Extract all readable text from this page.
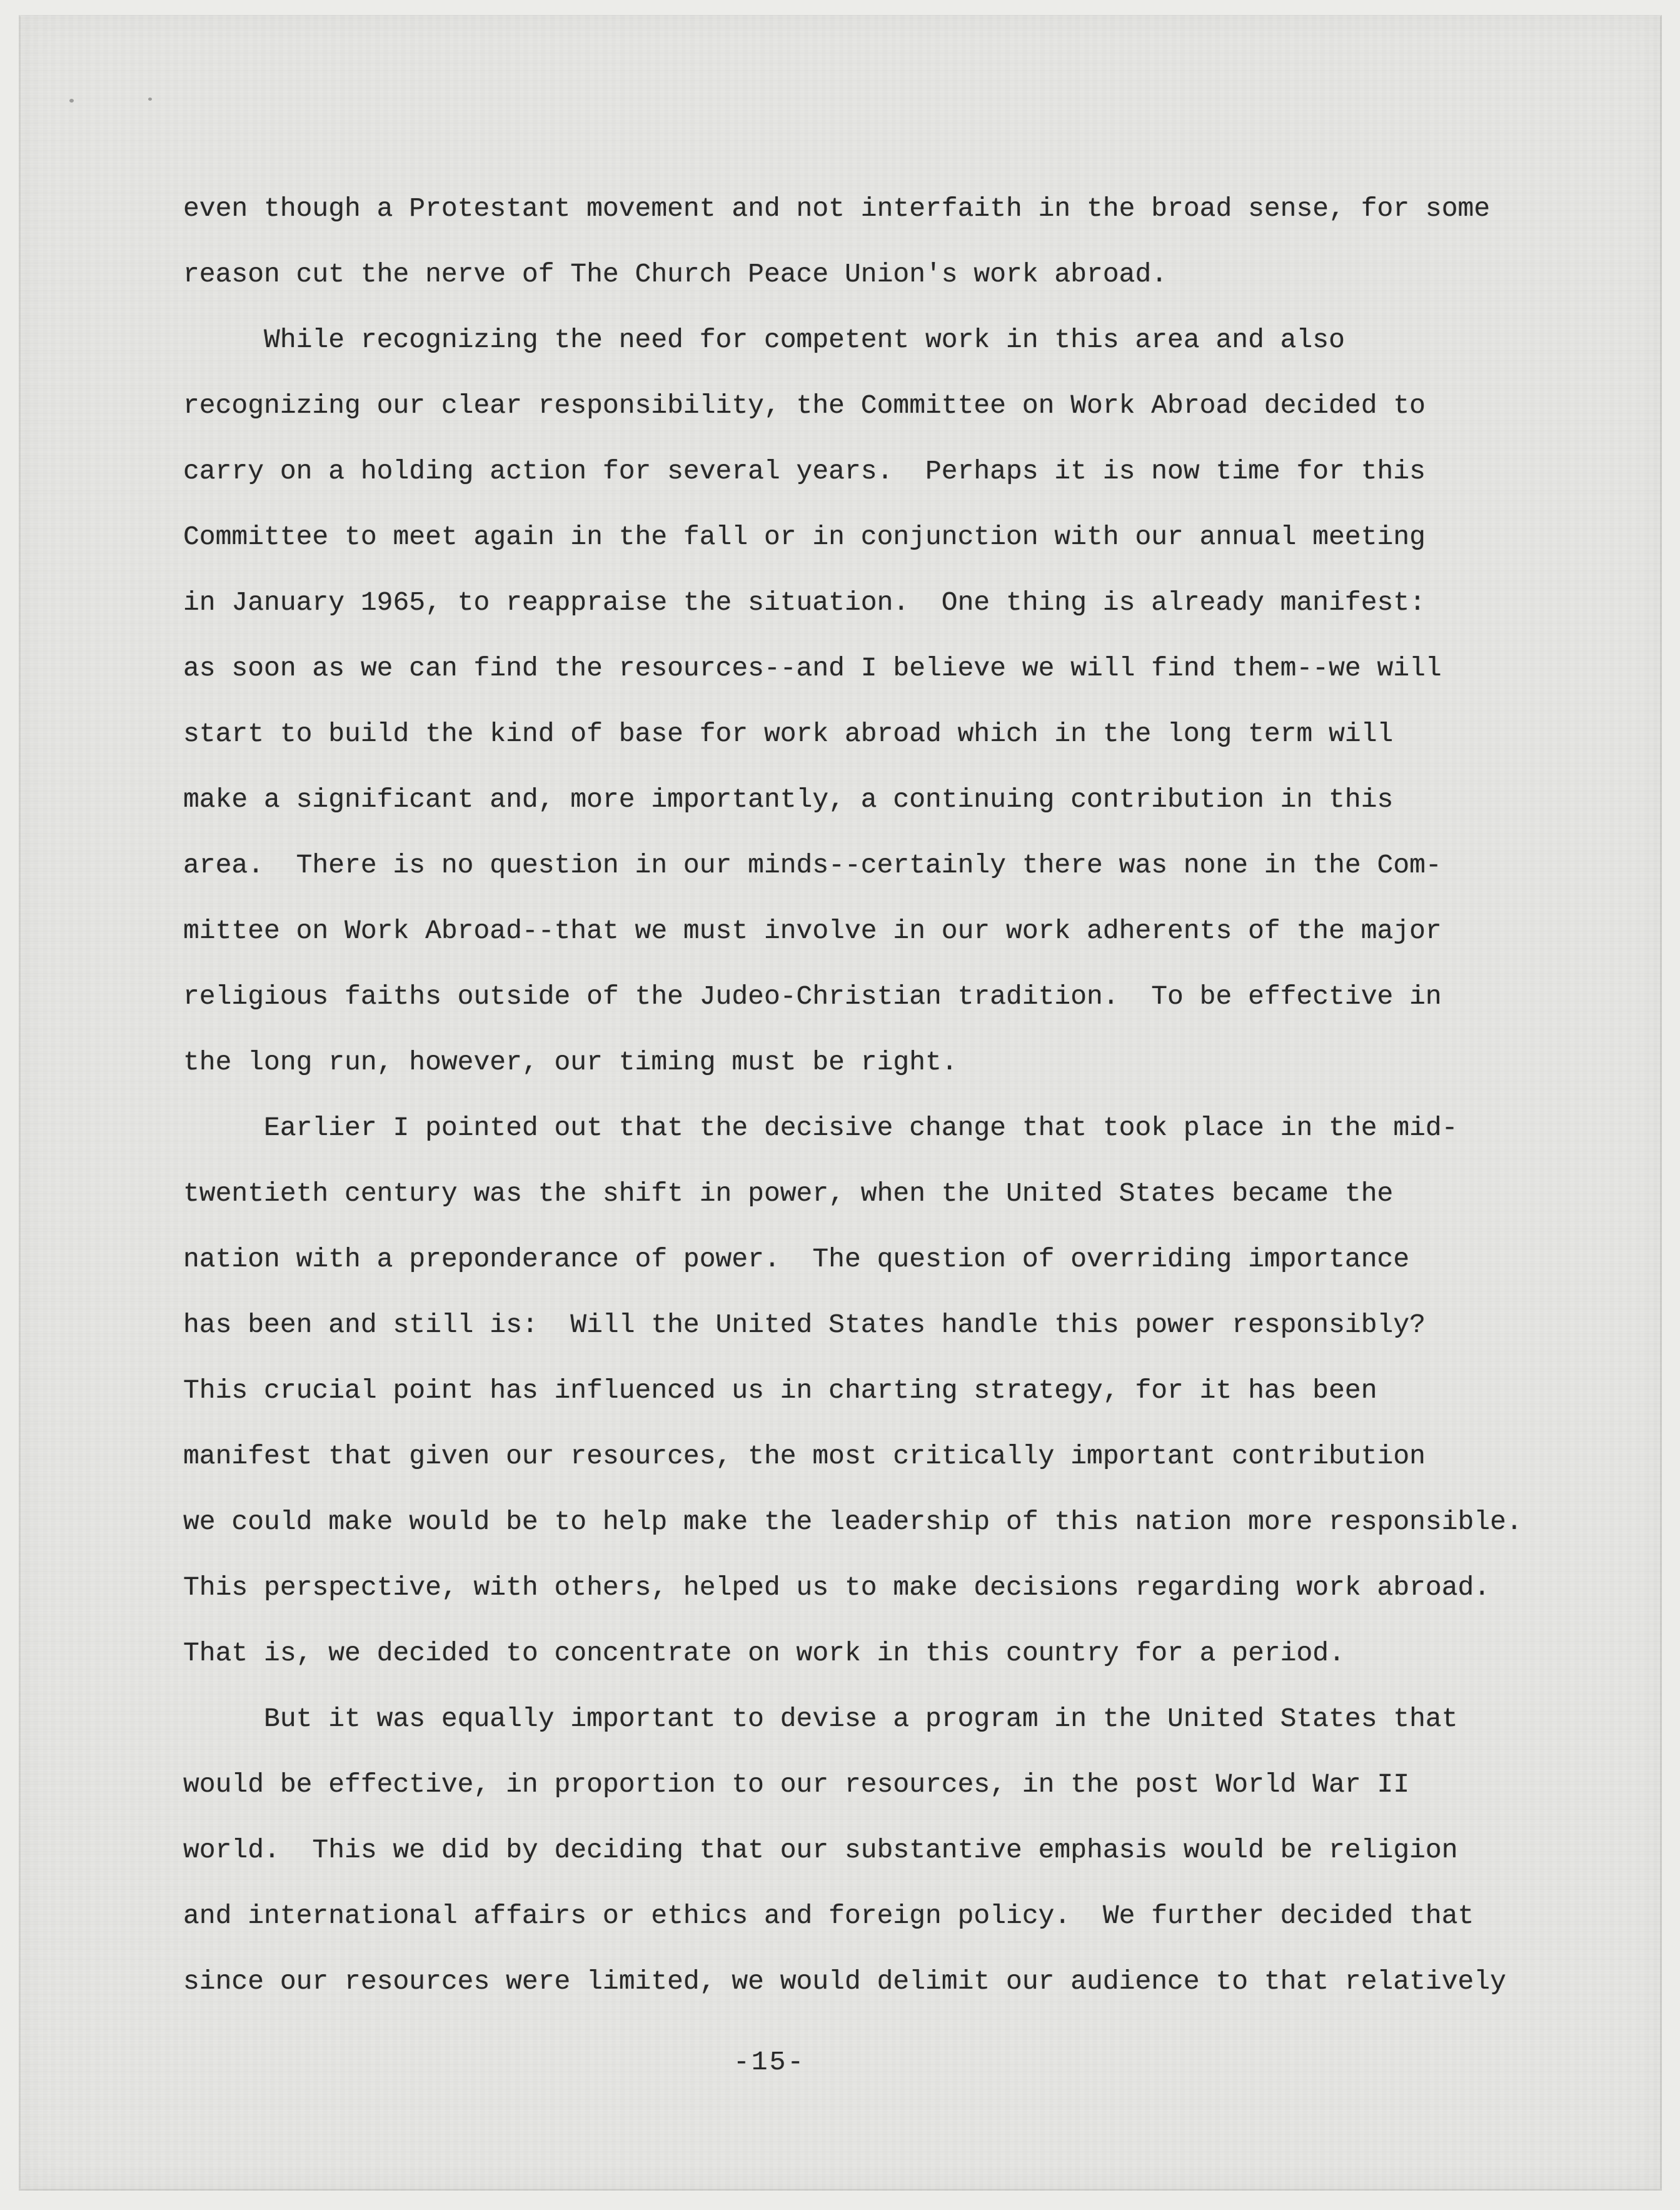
even though a Protestant movement and not interfaith in the broad sense, for some
reason cut the nerve of The Church Peace Union's work abroad.
While recognizing the need for competent work in this area and also
recognizing our clear responsibility, the Committee on Work Abroad decided to
carry on a holding action for several years.  Perhaps it is now time for this
Committee to meet again in the fall or in conjunction with our annual meeting
in January 1965, to reappraise the situation.  One thing is already manifest:
as soon as we can find the resources--and I believe we will find them--we will
start to build the kind of base for work abroad which in the long term will
make a significant and, more importantly, a continuing contribution in this
area.  There is no question in our minds--certainly there was none in the Com-
mittee on Work Abroad--that we must involve in our work adherents of the major
religious faiths outside of the Judeo-Christian tradition.  To be effective in
the long run, however, our timing must be right.
Earlier I pointed out that the decisive change that took place in the mid-
twentieth century was the shift in power, when the United States became the
nation with a preponderance of power.  The question of overriding importance
has been and still is:  Will the United States handle this power responsibly?
This crucial point has influenced us in charting strategy, for it has been
manifest that given our resources, the most critically important contribution
we could make would be to help make the leadership of this nation more responsible.
This perspective, with others, helped us to make decisions regarding work abroad.
That is, we decided to concentrate on work in this country for a period.
But it was equally important to devise a program in the United States that
would be effective, in proportion to our resources, in the post World War II
world.  This we did by deciding that our substantive emphasis would be religion
and international affairs or ethics and foreign policy.  We further decided that
since our resources were limited, we would delimit our audience to that relatively
-15-
